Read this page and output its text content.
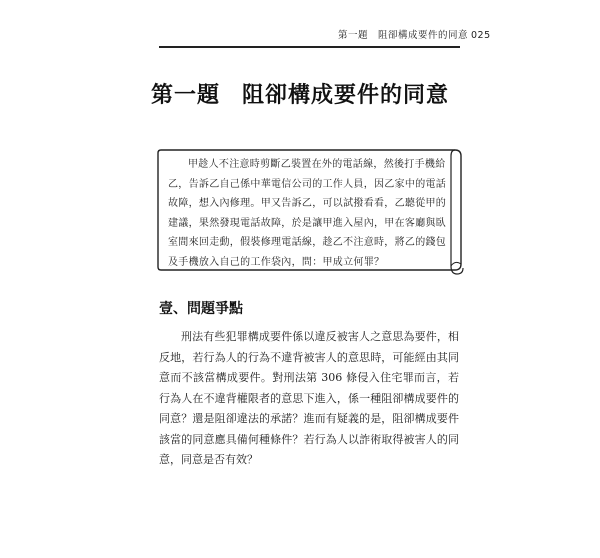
第一題　阻卻構成要件的同意 025
第一題 阻卻構成要件的同意
甲趁人不注意時剪斷乙裝置在外的電話線，然後打手機給乙，告訴乙自己係中華電信公司的工作人員，因乙家中的電話故障，想入內修理。甲又告訴乙，可以試撥看看，乙聽從甲的建議，果然發現電話故障，於是讓甲進入屋內，甲在客廳與臥室間來回走動，假裝修理電話線，趁乙不注意時，將乙的錢包及手機放入自己的工作袋內，問：甲成立何罪？
壹、問題爭點
刑法有些犯罪構成要件係以違反被害人之意思為要件，相反地，若行為人的行為不違背被害人的意思時，可能經由其同意而不該當構成要件。對刑法第 306 條侵入住宅罪而言，若行為人在不違背權限者的意思下進入，係一種阻卻構成要件的同意？還是阻卻違法的承諾？進而有疑義的是，阻卻構成要件該當的同意應具備何種條件？若行為人以詐術取得被害人的同意，同意是否有效？
